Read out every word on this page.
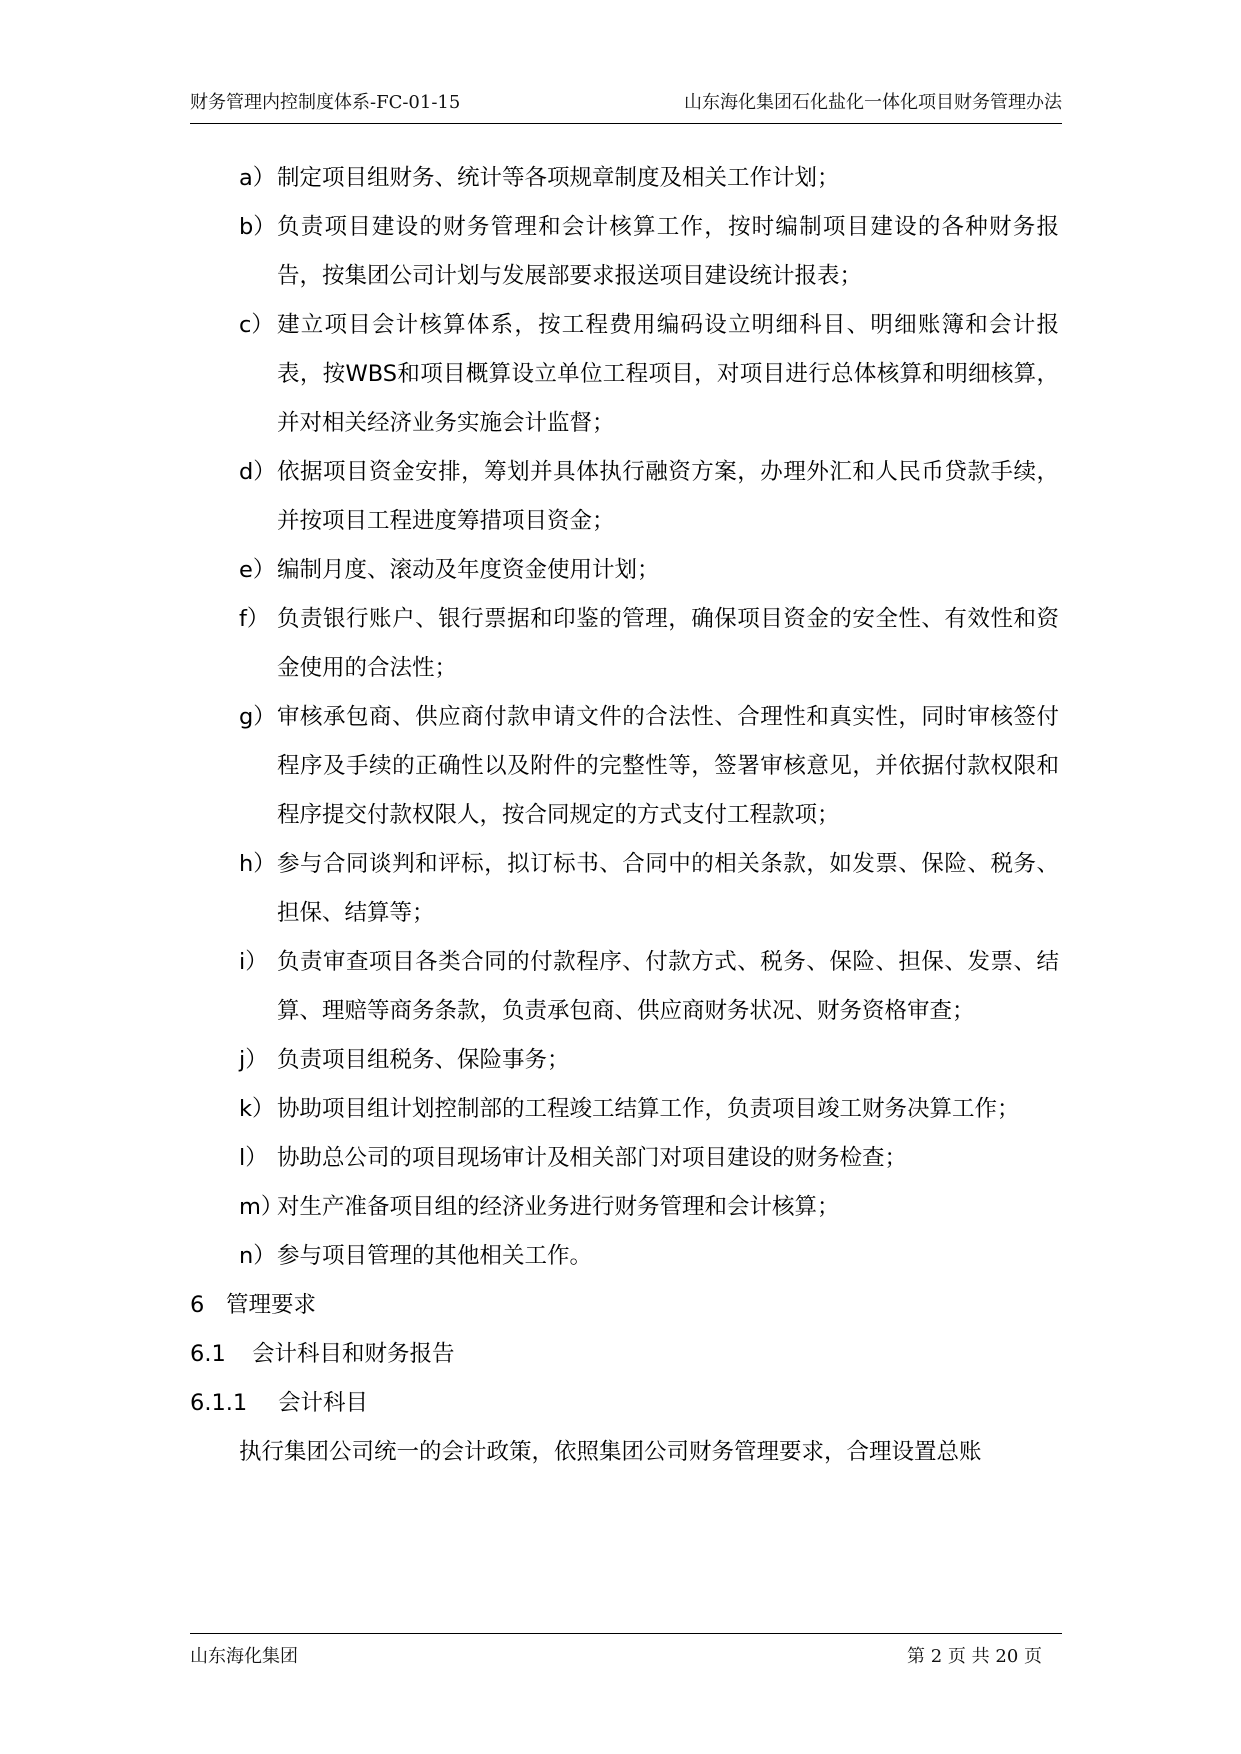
财务管理内控制度体系-FC-01-15	山东海化集团石化盐化一体化项目财务管理办法
a） 制定项目组财务、统计等各项规章制度及相关工作计划；
b） 负责项目建设的财务管理和会计核算工作，按时编制项目建设的各种财务报告，按集团公司计划与发展部要求报送项目建设统计报表；
c） 建立项目会计核算体系，按工程费用编码设立明细科目、明细账簿和会计报表，按WBS和项目概算设立单位工程项目，对项目进行总体核算和明细核算，并对相关经济业务实施会计监督；
d） 依据项目资金安排，筹划并具体执行融资方案，办理外汇和人民币贷款手续，并按项目工程进度筹措项目资金；
e） 编制月度、滚动及年度资金使用计划；
f） 负责银行账户、银行票据和印鉴的管理，确保项目资金的安全性、有效性和资金使用的合法性；
g） 审核承包商、供应商付款申请文件的合法性、合理性和真实性，同时审核签付程序及手续的正确性以及附件的完整性等，签署审核意见，并依据付款权限和程序提交付款权限人，按合同规定的方式支付工程款项；
h） 参与合同谈判和评标，拟订标书、合同中的相关条款，如发票、保险、税务、担保、结算等；
i） 负责审查项目各类合同的付款程序、付款方式、税务、保险、担保、发票、结算、理赔等商务条款，负责承包商、供应商财务状况、财务资格审查；
j） 负责项目组税务、保险事务；
k） 协助项目组计划控制部的工程竣工结算工作，负责项目竣工财务决算工作；
l） 协助总公司的项目现场审计及相关部门对项目建设的财务检查；
m）
对生产准备项目组的经济业务进行财务管理和会计核算；
n） 参与项目管理的其他相关工作。
6 管理要求
6.1 会计科目和财务报告
6.1.1 会计科目
执行集团公司统一的会计政策，依照集团公司财务管理要求，合理设置总账
山东海化集团	第 2 页 共 20 页
